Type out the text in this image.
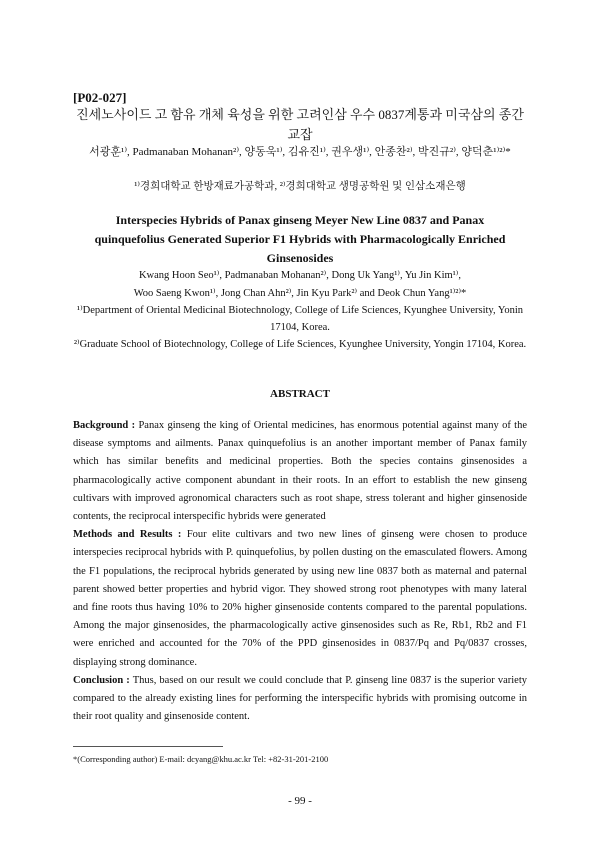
[P02-027]
진세노사이드 고 함유 개체 육성을 위한 고려인삼 우수 0837계통과 미국삼의 종간교잡
서광훈¹⁾, Padmanaban Mohanan²⁾, 양동욱¹⁾, 김유진¹⁾, 권우생¹⁾, 안종찬²⁾, 박진규²⁾, 양덕춘¹⁾²⁾*
¹⁾경희대학교 한방재료가공학과, ²⁾경희대학교 생명공학원 및 인삼소재은행
Interspecies Hybrids of Panax ginseng Meyer New Line 0837 and Panax
quinquefolius Generated Superior F1 Hybrids with Pharmacologically Enriched
Ginsenosides
Kwang Hoon Seo¹⁾, Padmanaban Mohanan²⁾, Dong Uk Yang¹⁾, Yu Jin Kim¹⁾,
Woo Saeng Kwon¹⁾, Jong Chan Ahn²⁾, Jin Kyu Park²⁾ and Deok Chun Yang¹⁾²⁾*
¹⁾Department of Oriental Medicinal Biotechnology, College of Life Sciences, Kyunghee University, Yonin 17104, Korea.
²⁾Graduate School of Biotechnology, College of Life Sciences, Kyunghee University, Yongin 17104, Korea.
ABSTRACT

Background : Panax ginseng the king of Oriental medicines, has enormous potential against many of the disease symptoms and ailments. Panax quinquefolius is an another important member of Panax family which has similar benefits and medicinal properties. Both the species contains ginsenosides a pharmacologically active component abundant in their roots. In an effort to establish the new ginseng cultivars with improved agronomical characters such as root shape, stress tolerant and higher ginsenoside contents, the reciprocal interspecific hybrids were generated

Methods and Results : Four elite cultivars and two new lines of ginseng were chosen to produce interspecies reciprocal hybrids with P. quinquefolius, by pollen dusting on the emasculated flowers. Among the F1 populations, the reciprocal hybrids generated by using new line 0837 both as maternal and paternal parent showed better properties and hybrid vigor. They showed strong root phenotypes with many lateral and fine roots thus having 10% to 20% higher ginsenoside contents compared to the parental populations. Among the major ginsenosides, the pharmacologically active ginsenosides such as Re, Rb1, Rb2 and F1 were enriched and accounted for the 70% of the PPD ginsenosides in 0837/Pq and Pq/0837 crosses, displaying strong dominance.

Conclusion : Thus, based on our result we could conclude that P. ginseng line 0837 is the superior variety compared to the already existing lines for performing the interspecific hybrids with promising outcome in their root quality and ginsenoside content.

*(Corresponding author) E-mail: dcyang@khu.ac.kr Tel: +82-31-201-2100
- 99 -
